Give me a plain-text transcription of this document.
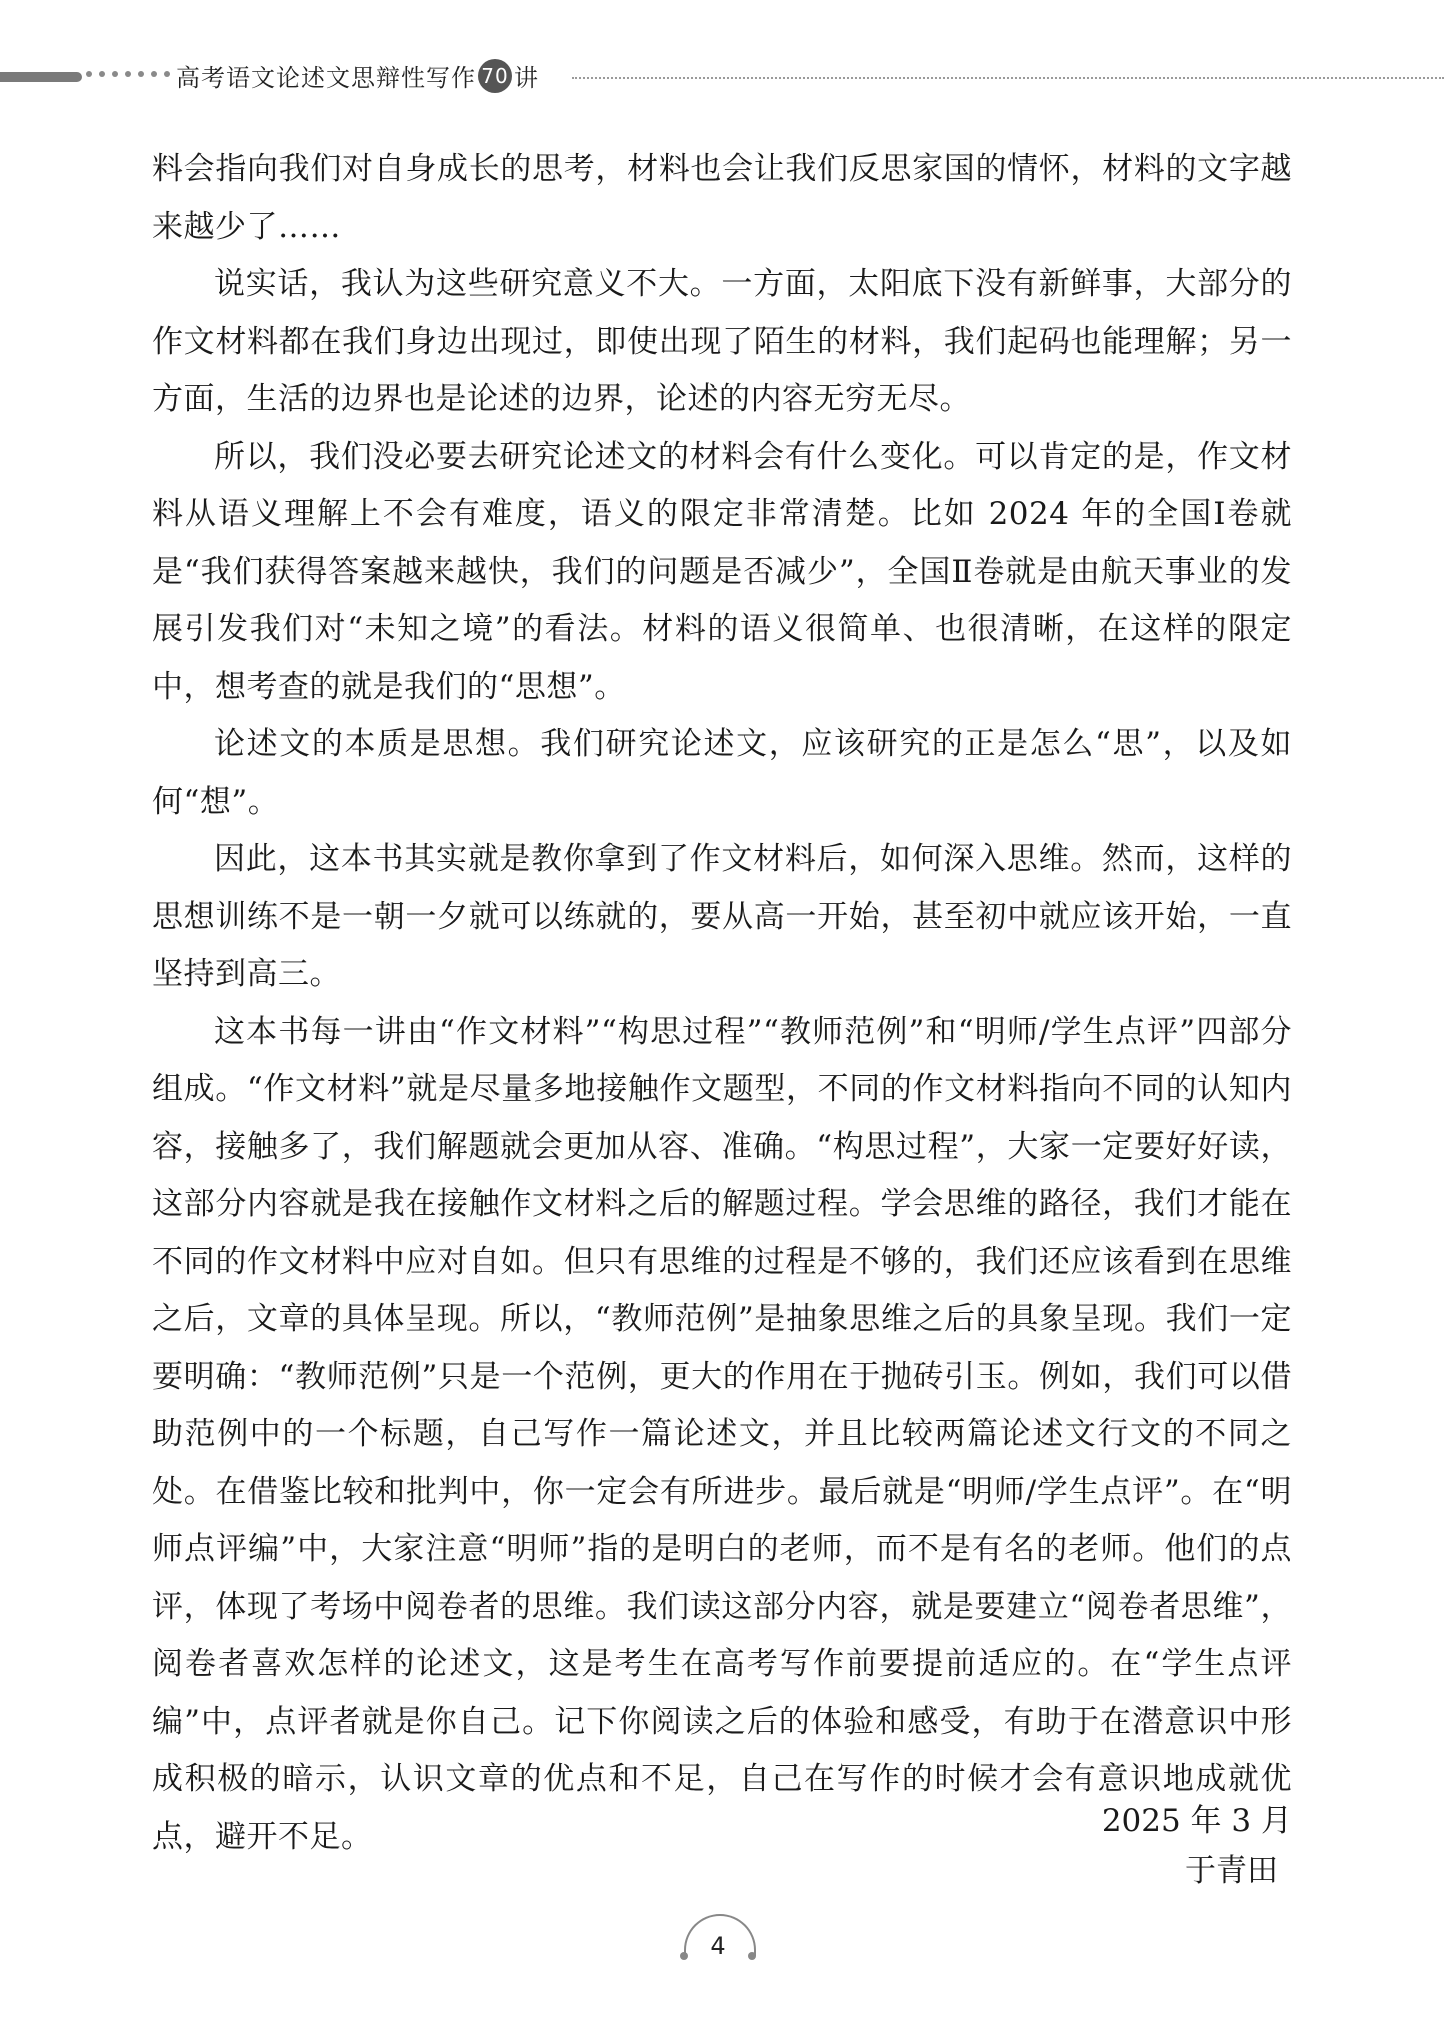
高考语文论述文思辩性写作 70 讲

料会指向我们对自身成长的思考，材料也会让我们反思家国的情怀，材料的文字越来越少了……

说实话，我认为这些研究意义不大。一方面，太阳底下没有新鲜事，大部分的作文材料都在我们身边出现过，即使出现了陌生的材料，我们起码也能理解；另一方面，生活的边界也是论述的边界，论述的内容无穷无尽。

所以，我们没必要去研究论述文的材料会有什么变化。可以肯定的是，作文材料从语义理解上不会有难度，语义的限定非常清楚。比如 2024 年的全国Ⅰ卷就是“我们获得答案越来越快，我们的问题是否减少”，全国Ⅱ卷就是由航天事业的发展引发我们对“未知之境”的看法。材料的语义很简单、也很清晰，在这样的限定中，想考查的就是我们的“思想”。

论述文的本质是思想。我们研究论述文，应该研究的正是怎么“思”，以及如何“想”。

因此，这本书其实就是教你拿到了作文材料后，如何深入思维。然而，这样的思想训练不是一朝一夕就可以练就的，要从高一开始，甚至初中就应该开始，一直坚持到高三。

这本书每一讲由“作文材料”“构思过程”“教师范例”和“明师/学生点评”四部分组成。“作文材料”就是尽量多地接触作文题型，不同的作文材料指向不同的认知内容，接触多了，我们解题就会更加从容、准确。“构思过程”，大家一定要好好读，这部分内容就是我在接触作文材料之后的解题过程。学会思维的路径，我们才能在不同的作文材料中应对自如。但只有思维的过程是不够的，我们还应该看到在思维之后，文章的具体呈现。所以，“教师范例”是抽象思维之后的具象呈现。我们一定要明确：“教师范例”只是一个范例，更大的作用在于抛砖引玉。例如，我们可以借助范例中的一个标题，自己写作一篇论述文，并且比较两篇论述文行文的不同之处。在借鉴比较和批判中，你一定会有所进步。最后就是“明师/学生点评”。在“明师点评编”中，大家注意“明师”指的是明白的老师，而不是有名的老师。他们的点评，体现了考场中阅卷者的思维。我们读这部分内容，就是要建立“阅卷者思维”，阅卷者喜欢怎样的论述文，这是考生在高考写作前要提前适应的。在“学生点评编”中，点评者就是你自己。记下你阅读之后的体验和感受，有助于在潜意识中形成积极的暗示，认识文章的优点和不足，自己在写作的时候才会有意识地成就优点，避开不足。	2025 年 3 月
于青田
4
